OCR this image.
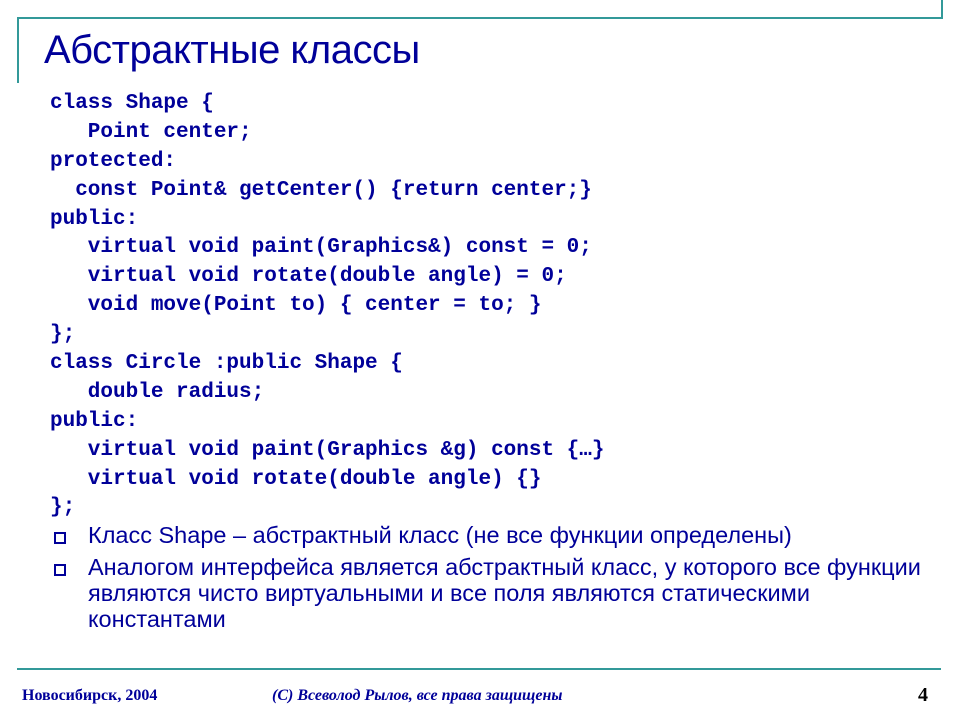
Абстрактные классы
class Shape {
Point center;
protected:
const Point& getCenter() {return center;}
public:
virtual void paint(Graphics&) const = 0;
virtual void rotate(double angle) = 0;
void move(Point to) { center = to; }
};
class Circle :public Shape {
double radius;
public:
virtual void paint(Graphics &g) const {…}
virtual void rotate(double angle) {}
};
Класс Shape – абстрактный класс (не все функции определены)
Аналогом интерфейса является абстрактный класс, у которого все функции являются чисто виртуальными и все поля являются статическими константами
Новосибирск, 2004	(С) Всеволод Рылов, все права защищены	4
